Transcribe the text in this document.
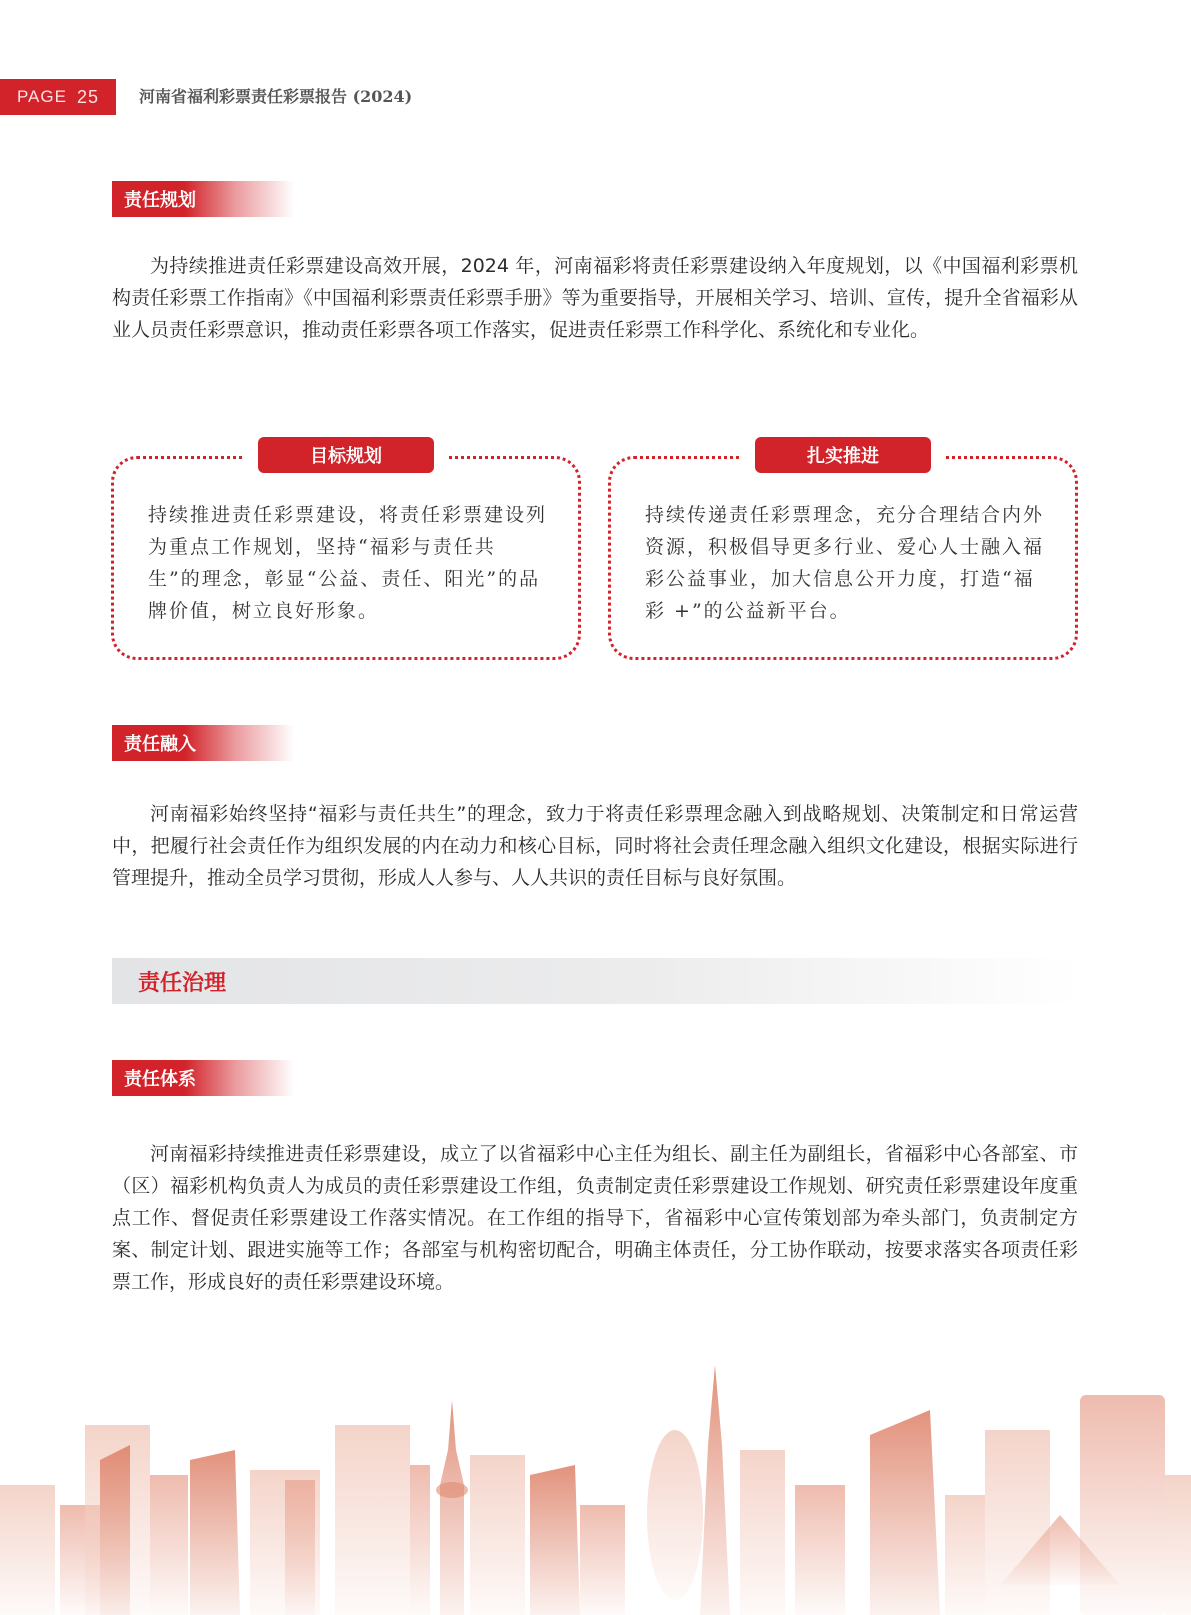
PAGE 25	河南省福利彩票责任彩票报告 (2024)
责任规划

为持续推进责任彩票建设高效开展，2024 年，河南福彩将责任彩票建设纳入年度规划，以《中国福利彩票机构责任彩票工作指南》《中国福利彩票责任彩票手册》等为重要指导，开展相关学习、培训、宣传，提升全省福彩从业人员责任彩票意识，推动责任彩票各项工作落实，促进责任彩票工作科学化、系统化和专业化。

目标规划

持续推进责任彩票建设，将责任彩票建设列为重点工作规划，坚持“福彩与责任共生”的理念，彰显“公益、责任、阳光”的品牌价值，树立良好形象。

扎实推进

持续传递责任彩票理念，充分合理结合内外资源，积极倡导更多行业、爱心人士融入福彩公益事业，加大信息公开力度，打造“福彩 +”的公益新平台。

责任融入

河南福彩始终坚持“福彩与责任共生”的理念，致力于将责任彩票理念融入到战略规划、决策制定和日常运营中，把履行社会责任作为组织发展的内在动力和核心目标，同时将社会责任理念融入组织文化建设，根据实际进行管理提升，推动全员学习贯彻，形成人人参与、人人共识的责任目标与良好氛围。

责任治理
责任体系

河南福彩持续推进责任彩票建设，成立了以省福彩中心主任为组长、副主任为副组长，省福彩中心各部室、市（区）福彩机构负责人为成员的责任彩票建设工作组，负责制定责任彩票建设工作规划、研究责任彩票建设年度重点工作、督促责任彩票建设工作落实情况。在工作组的指导下，省福彩中心宣传策划部为牵头部门，负责制定方案、制定计划、跟进实施等工作；各部室与机构密切配合，明确主体责任，分工协作联动，按要求落实各项责任彩票工作，形成良好的责任彩票建设环境。
